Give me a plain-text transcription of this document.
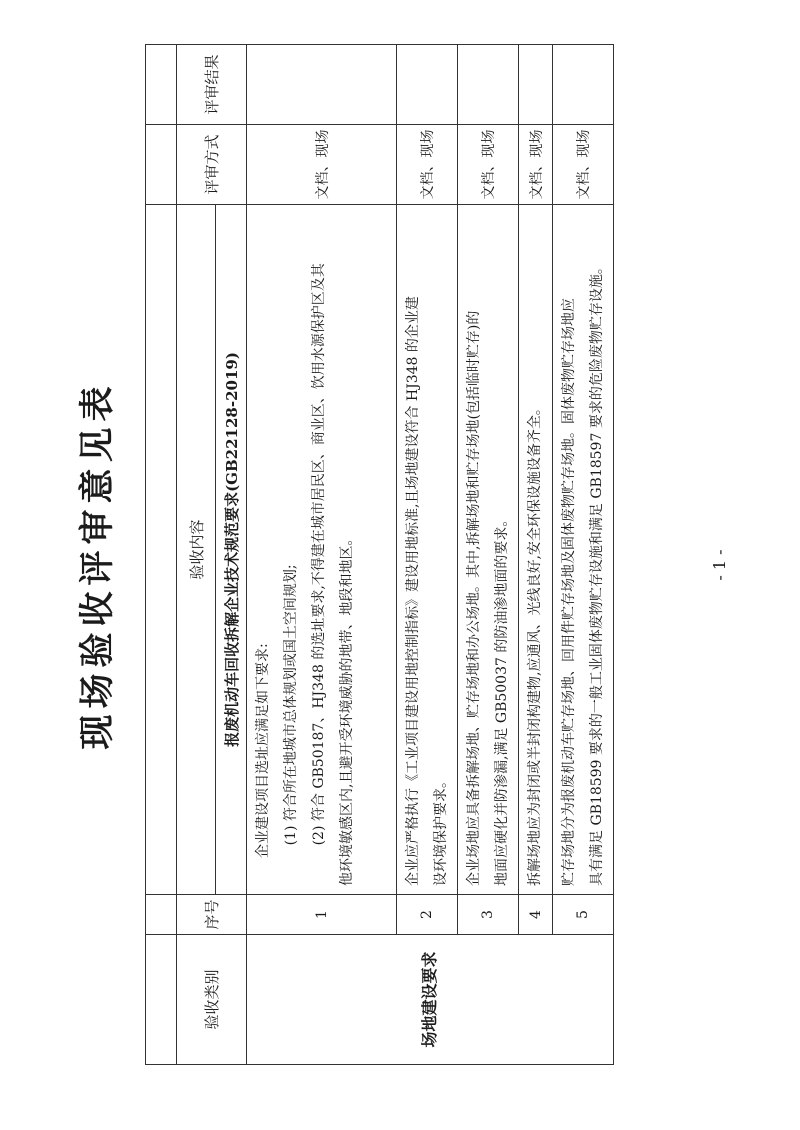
现场验收评审意见表

验收类别	序号	验收内容	评审方式	评审结果
		报废机动车回收拆解企业技术规范要求(GB22128-2019)		
场地建设要求	1	企业建设项目选址应满足如下要求: (1) 符合所在地城市总体规划或国土空间规划; (2) 符合 GB50187、HJ348 的选址要求,不得建在城市居民区、商业区、饮用水源保护区及其 他环境敏感区内,且避开受环境威胁的地带、地段和地区。	文档、现场	
	2	企业应严格执行《工业项目建设用地控制指标》建设用地标准,且场地建设符合 HJ348 的企业建 设环境保护要求。	文档、现场	
	3	企业场地应具备拆解场地、贮存场地和办公场地。其中,拆解场地和贮存场地(包括临时贮存)的 地面应硬化并防渗漏,满足 GB50037 的防油渗地面的要求。	文档、现场	
	4	拆解场地应为封闭或半封闭构建物,应通风、光线良好,安全环保设施设备齐全。	文档、现场	
	5	贮存场地分为报废机动车贮存场地、回用件贮存场地及固体废物贮存场地。固体废物贮存场地应 具有满足 GB18599 要求的一般工业固体废物贮存设施和满足 GB18597 要求的危险废物贮存设施。	文档、现场	
- 1 -
